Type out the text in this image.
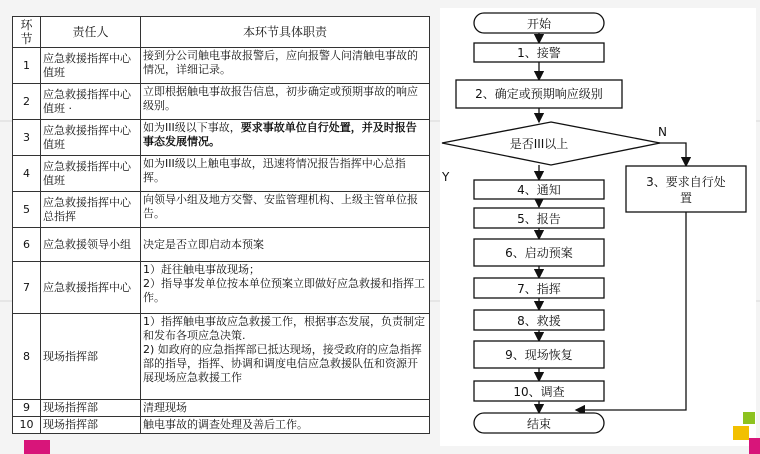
环节	责任人	本环节具体职责
1	应急救援指挥中心值班	接到分公司触电事故报警后，应向报警人问清触电事故的情况，详细记录。
2	应急救援指挥中心值班 ·	立即根据触电事故报告信息，初步确定或预期事故的响应级别。
3	应急救援指挥中心值班	如为III级以下事故，要求事故单位自行处置，并及时报告事态发展情况。
4	应急救援指挥中心值班	如为III级以上触电事故，迅速将情况报告指挥中心总指挥。
5	应急救援指挥中心总指挥	向领导小组及地方交警、安监管理机构、上级主管单位报告。
6	应急救援领导小组	决定是否立即启动本预案
7	应急救援指挥中心	1）赶往触电事故现场；
2）指导事发单位按本单位预案立即做好应急救援和指挥工作。
8	现场指挥部	1）指挥触电事故应急救援工作，根据事态发展，负责制定和发布各项应急决策.
2) 如政府的应急指挥部已抵达现场，接受政府的应急指挥部的指导，指挥、协调和调度电信应急救援队伍和资源开展现场应急救援工作
9	现场指挥部	清理现场
10	现场指挥部	触电事故的调查处理及善后工作。
开始
1、接警
2、确定或预期响应级别
是否III以上
3、要求自行处置
4、通知
5、报告
6、启动预案
7、指挥
8、救援
9、现场恢复
10、调查
结束
Y
N
